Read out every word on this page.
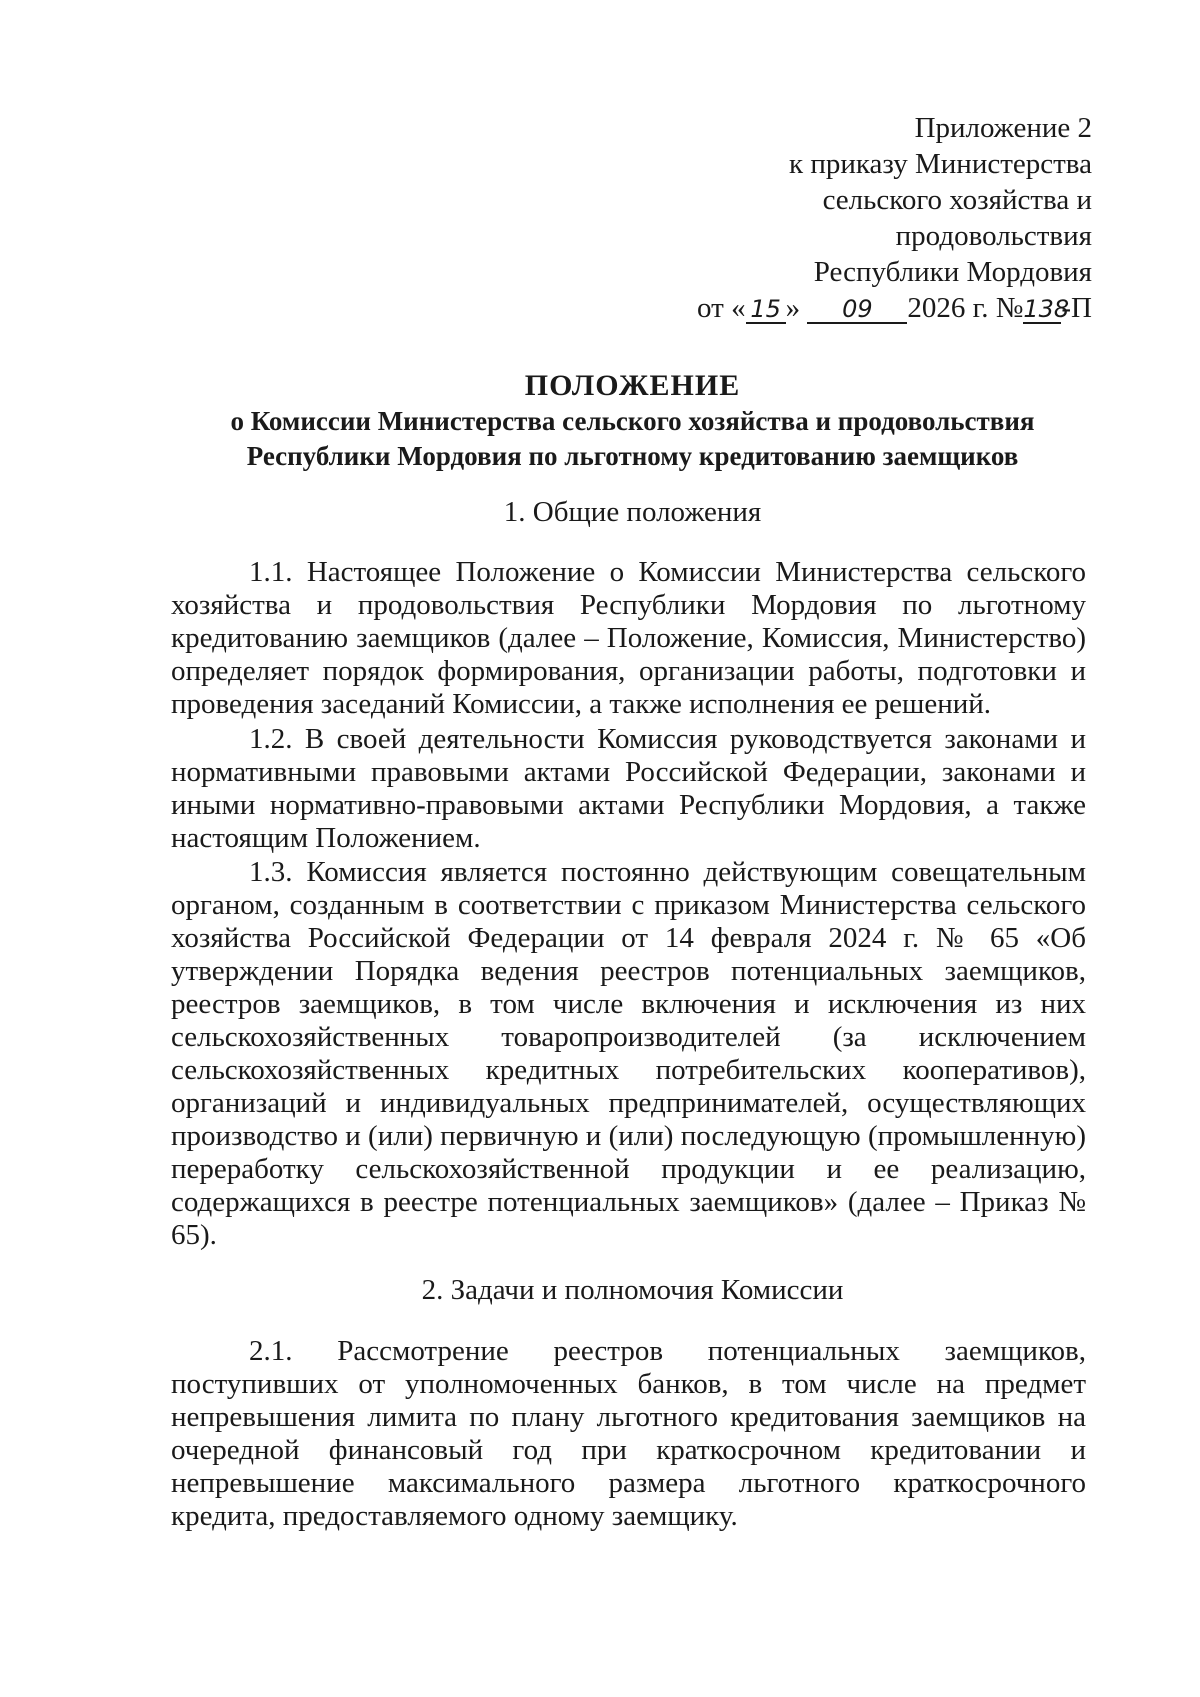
Приложение 2
к приказу Министерства
сельского хозяйства и
продовольствия
Республики Мордовия
от « 15 » 09 2026 г. №138-П
ПОЛОЖЕНИЕ
о Комиссии Министерства сельского хозяйства и продовольствия
Республики Мордовия по льготному кредитованию заемщиков
1. Общие положения

1.1. Настоящее Положение о Комиссии Министерства сельского хозяйства и продовольствия Республики Мордовия по льготному кредитованию заемщиков (далее – Положение, Комиссия, Министерство) определяет порядок формирования, организации работы, подготовки и проведения заседаний Комиссии, а также исполнения ее решений.

1.2. В своей деятельности Комиссия руководствуется законами и нормативными правовыми актами Российской Федерации, законами и иными нормативно-правовыми актами Республики Мордовия, а также настоящим Положением.

1.3. Комиссия является постоянно действующим совещательным органом, созданным в соответствии с приказом Министерства сельского хозяйства Российской Федерации от 14 февраля 2024 г. № 65 «Об утверждении Порядка ведения реестров потенциальных заемщиков, реестров заемщиков, в том числе включения и исключения из них сельскохозяйственных товаропроизводителей (за исключением сельскохозяйственных кредитных потребительских кооперативов), организаций и индивидуальных предпринимателей, осуществляющих производство и (или) первичную и (или) последующую (промышленную) переработку сельскохозяйственной продукции и ее реализацию, содержащихся в реестре потенциальных заемщиков» (далее – Приказ № 65).

2. Задачи и полномочия Комиссии

2.1. Рассмотрение реестров потенциальных заемщиков, поступивших от уполномоченных банков, в том числе на предмет непревышения лимита по плану льготного кредитования заемщиков на очередной финансовый год при краткосрочном кредитовании и непревышение максимального размера льготного краткосрочного кредита, предоставляемого одному заемщику.
